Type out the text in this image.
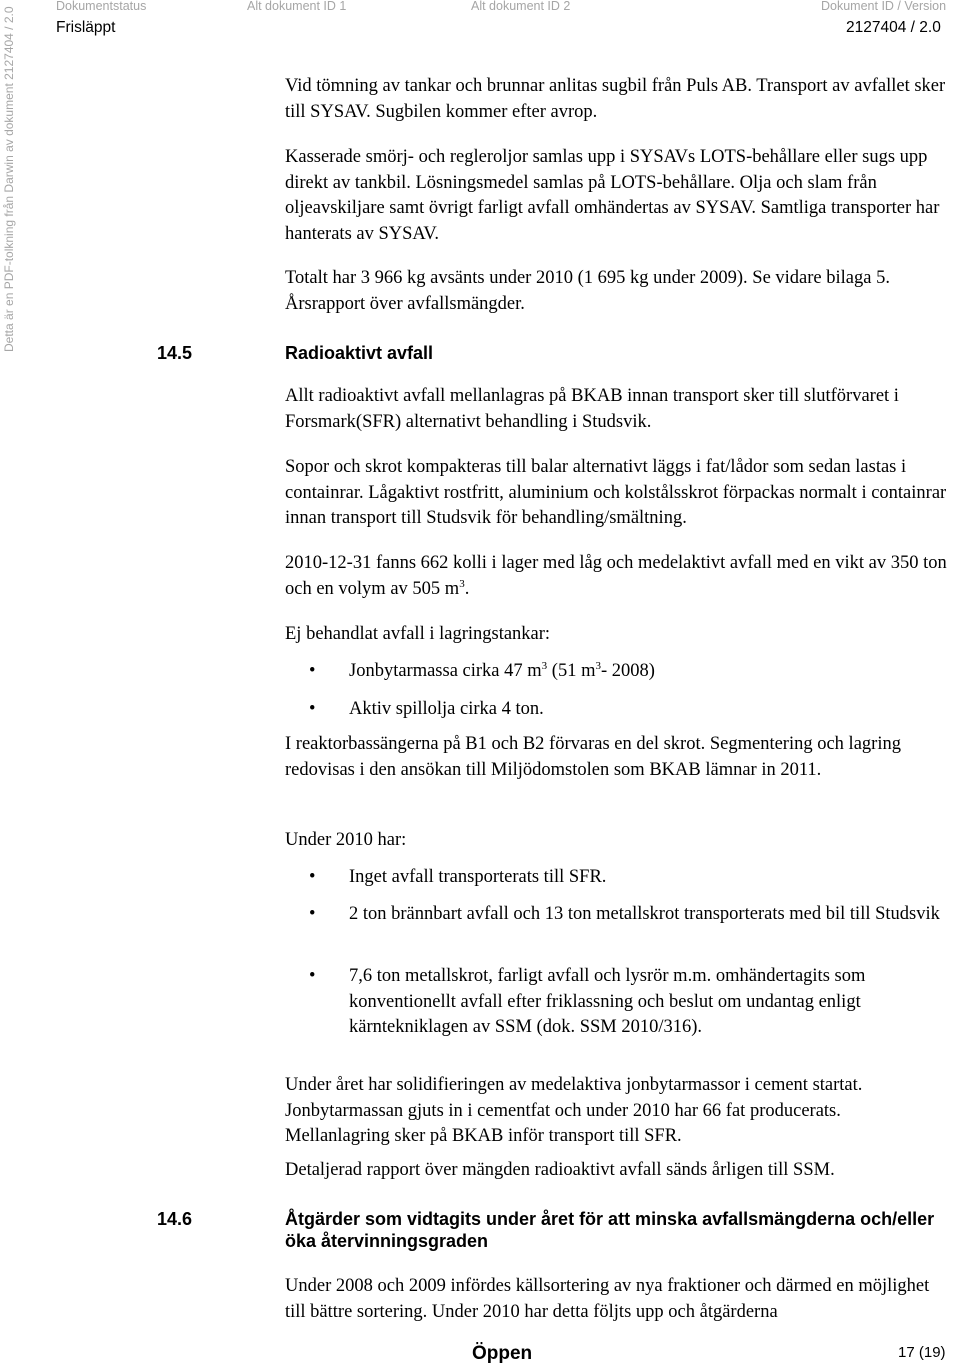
Dokumentstatus	Alt dokument ID 1	Alt dokument ID 2	Dokument ID / Version
Frisläppt	2127404 / 2.0
Detta är en PDF-tolkning från Darwin av dokument 2127404 / 2.0	Vid tömning av tankar och brunnar anlitas sugbil från Puls AB. Transport av avfallet sker till SYSAV. Sugbilen kommer efter avrop.
Kasserade smörj- och regleroljor samlas upp i SYSAVs LOTS-behållare eller sugs upp direkt av tankbil. Lösningsmedel samlas på LOTS-behållare. Olja och slam från oljeavskiljare samt övrigt farligt avfall omhändertas av SYSAV. Samtliga transporter har hanterats av SYSAV.
Totalt har 3 966 kg avsänts under 2010 (1 695 kg under 2009). Se vidare bilaga 5. Årsrapport över avfallsmängder.
14.5	Radioaktivt avfall
Allt radioaktivt avfall mellanlagras på BKAB innan transport sker till slutförvaret i Forsmark(SFR) alternativt behandling i Studsvik.
Sopor och skrot kompakteras till balar alternativt läggs i fat/lådor som sedan lastas i containrar. Lågaktivt rostfritt, aluminium och kolstålsskrot förpackas normalt i containrar innan transport till Studsvik för behandling/smältning.
2010-12-31 fanns 662 kolli i lager med låg och medelaktivt avfall med en vikt av 350 ton och en volym av 505 $m^3$.
Ej behandlat avfall i lagringstankar:
• Jonbytarmassa cirka 47 $m^3$ (51 $m^3-$ 2008)
• Aktiv spillolja cirka 4 ton.
I reaktorbassängerna på B1 och B2 förvaras en del skrot. Segmentering och lagring redovisas i den ansökan till Miljödomstolen som BKAB lämnar in 2011.
Under 2010 har:
• Inget avfall transporterats till SFR.
• 2 ton brännbart avfall och 13 ton metallskrot transporterats med bil till Studsvik
• 7,6 ton metallskrot, farligt avfall och lysrör m.m. omhändertagits som konventionellt avfall efter friklassning och beslut om undantag enligt kärntekniklagen av SSM (dok. SSM 2010/316).
Under året har solidifieringen av medelaktiva jonbytarmassor i cement startat. Jonbytarmassan gjuts in i cementfat och under 2010 har 66 fat producerats. Mellanlagring sker på BKAB inför transport till SFR.
Detaljerad rapport över mängden radioaktivt avfall sänds årligen till SSM.
14.6	Åtgärder som vidtagits under året för att minska avfallsmängderna och/eller öka återvinningsgraden
Under 2008 och 2009 infördes källsortering av nya fraktioner och därmed en möjlighet till bättre sortering. Under 2010 har detta följts upp och åtgärderna
Öppen	17 (19)
